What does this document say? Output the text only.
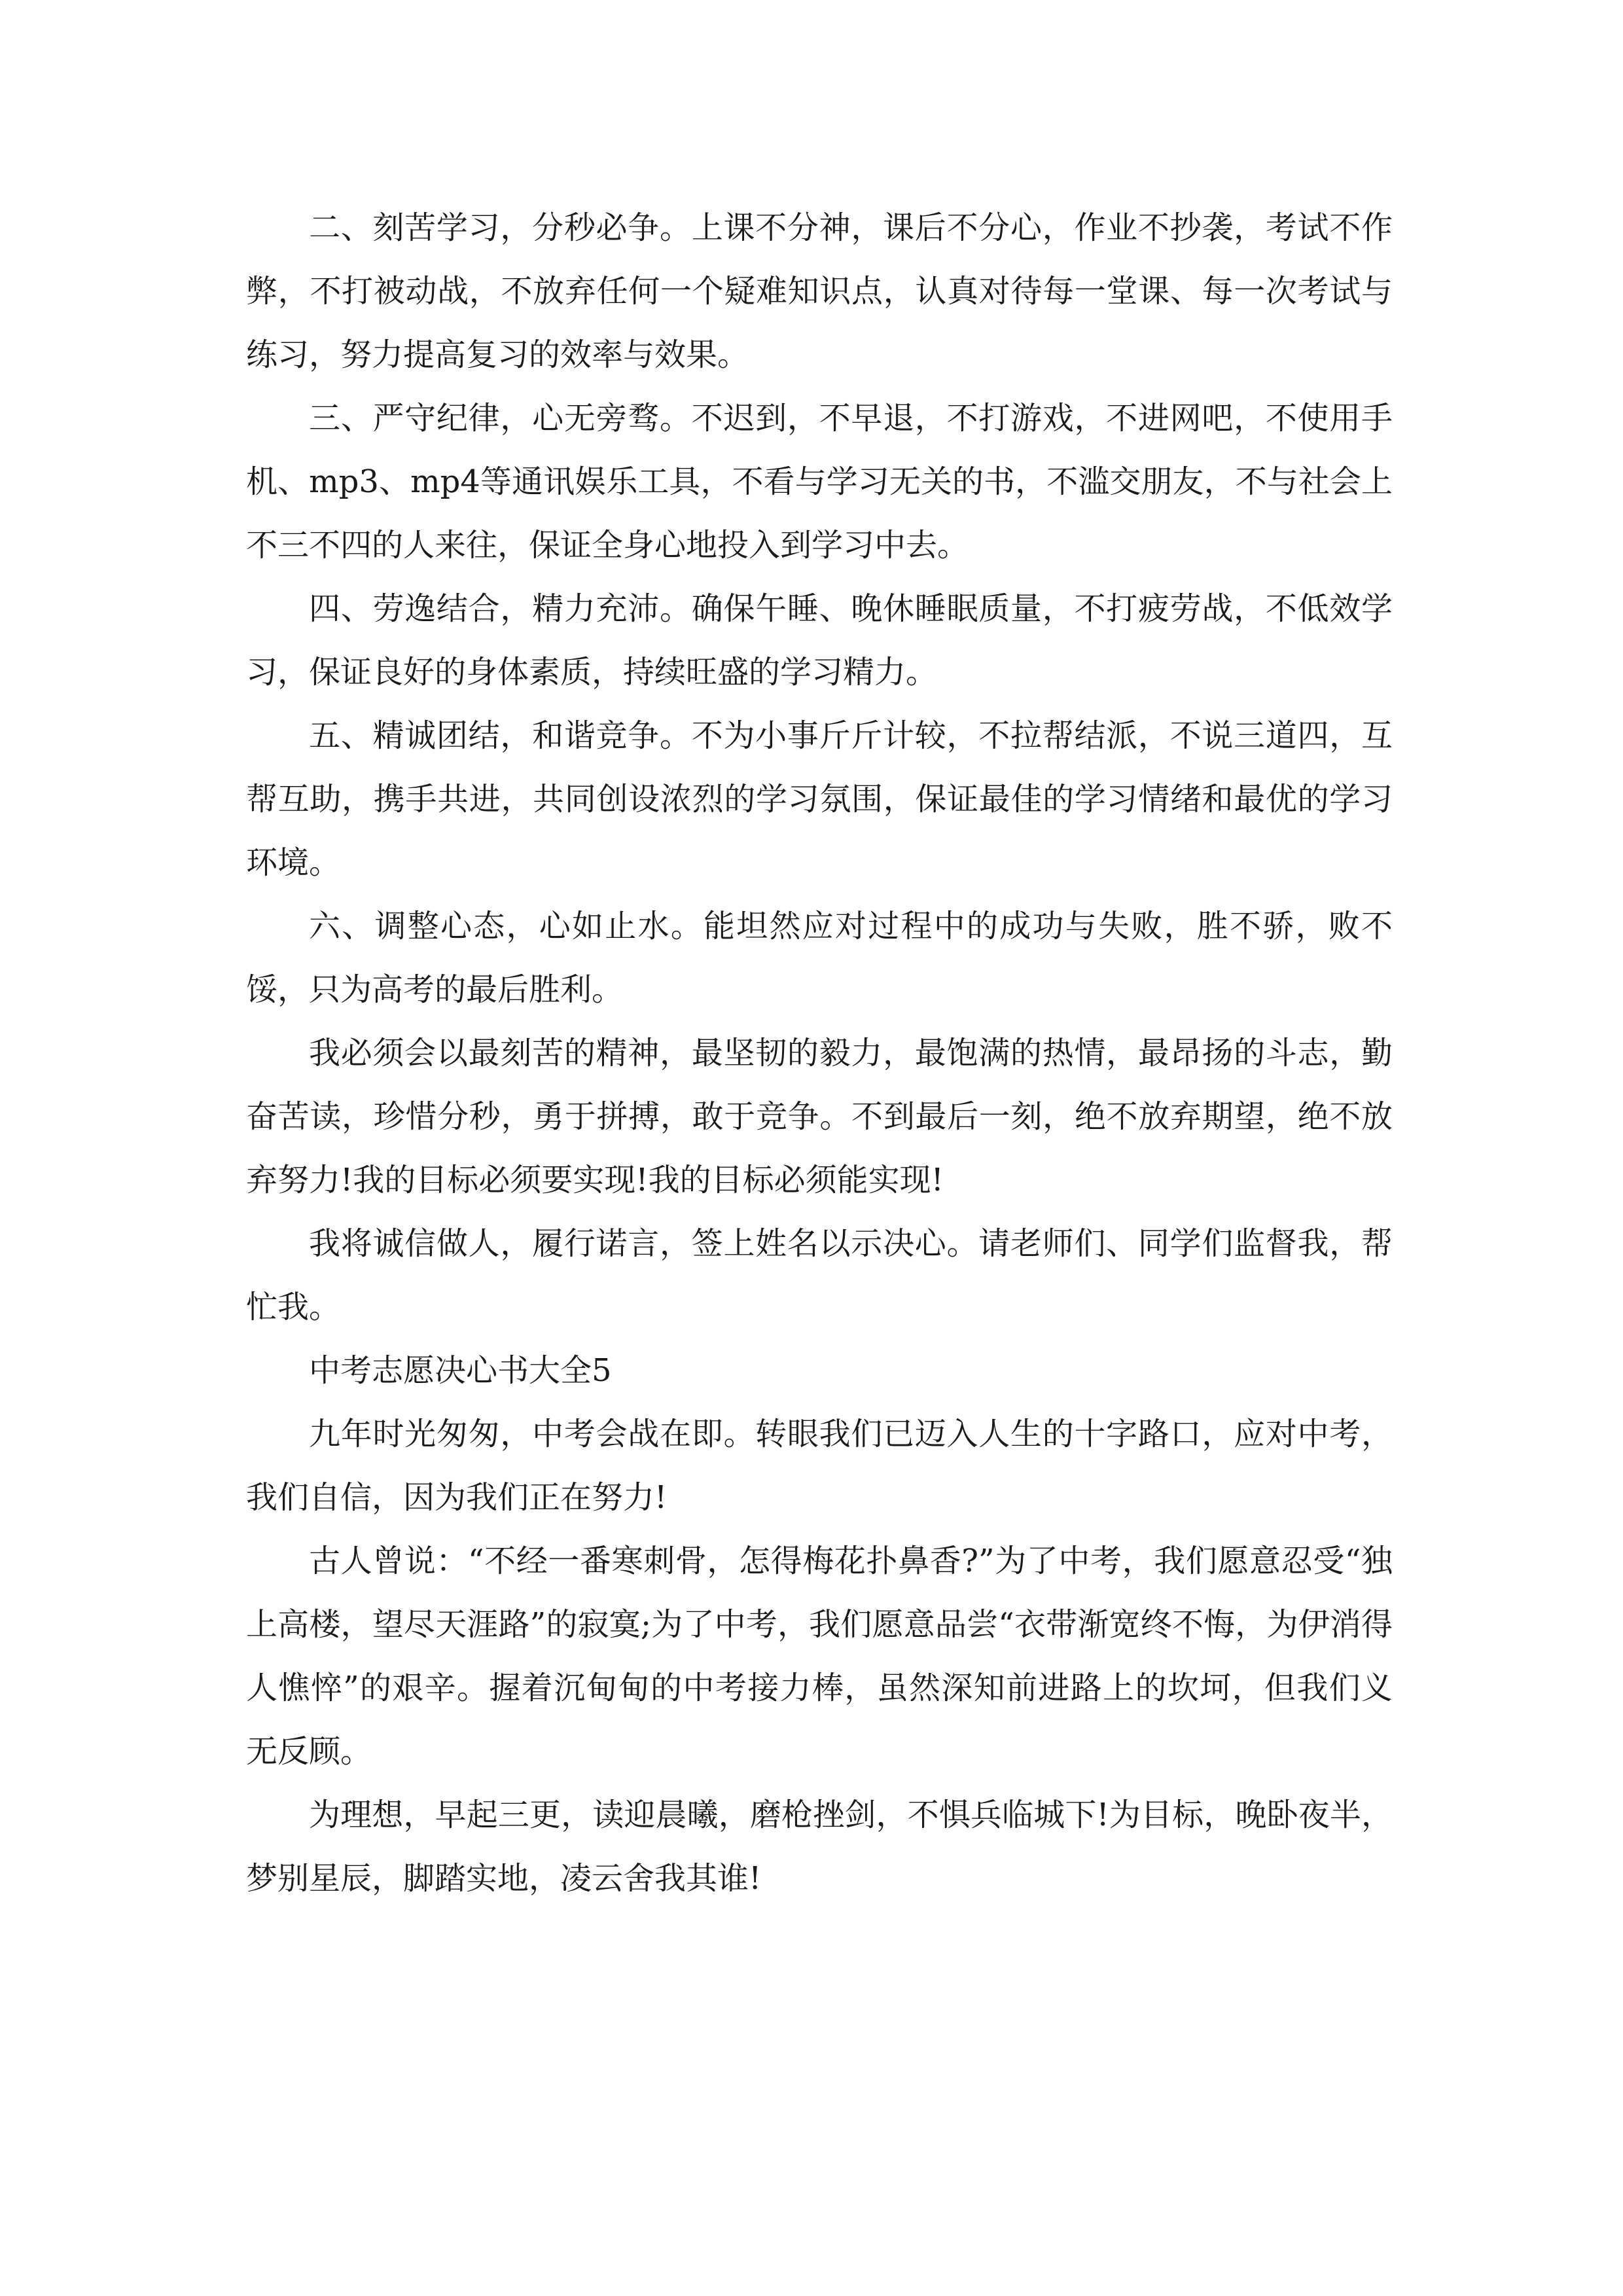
二、刻苦学习，分秒必争。上课不分神，课后不分心，作业不抄袭，考试不作弊，不打被动战，不放弃任何一个疑难知识点，认真对待每一堂课、每一次考试与练习，努力提高复习的效率与效果。

三、严守纪律，心无旁骛。不迟到，不早退，不打游戏，不进网吧，不使用手机、mp3、mp4等通讯娱乐工具，不看与学习无关的书，不滥交朋友，不与社会上不三不四的人来往，保证全身心地投入到学习中去。

四、劳逸结合，精力充沛。确保午睡、晚休睡眠质量，不打疲劳战，不低效学习，保证良好的身体素质，持续旺盛的学习精力。

五、精诚团结，和谐竞争。不为小事斤斤计较，不拉帮结派，不说三道四，互帮互助，携手共进，共同创设浓烈的学习氛围，保证最佳的学习情绪和最优的学习环境。

六、调整心态，心如止水。能坦然应对过程中的成功与失败，胜不骄，败不馁，只为高考的最后胜利。

我必须会以最刻苦的精神，最坚韧的毅力，最饱满的热情，最昂扬的斗志，勤奋苦读，珍惜分秒，勇于拼搏，敢于竞争。不到最后一刻，绝不放弃期望，绝不放弃努力!我的目标必须要实现!我的目标必须能实现!

我将诚信做人，履行诺言，签上姓名以示决心。请老师们、同学们监督我，帮忙我。

中考志愿决心书大全5

九年时光匆匆，中考会战在即。转眼我们已迈入人生的十字路口，应对中考，我们自信，因为我们正在努力!

古人曾说：“不经一番寒刺骨，怎得梅花扑鼻香?”为了中考，我们愿意忍受“独上高楼，望尽天涯路”的寂寞;为了中考，我们愿意品尝“衣带渐宽终不悔，为伊消得人憔悴”的艰辛。握着沉甸甸的中考接力棒，虽然深知前进路上的坎坷，但我们义无反顾。

为理想，早起三更，读迎晨曦，磨枪挫剑，不惧兵临城下!为目标，晚卧夜半，梦别星辰，脚踏实地，凌云舍我其谁!
